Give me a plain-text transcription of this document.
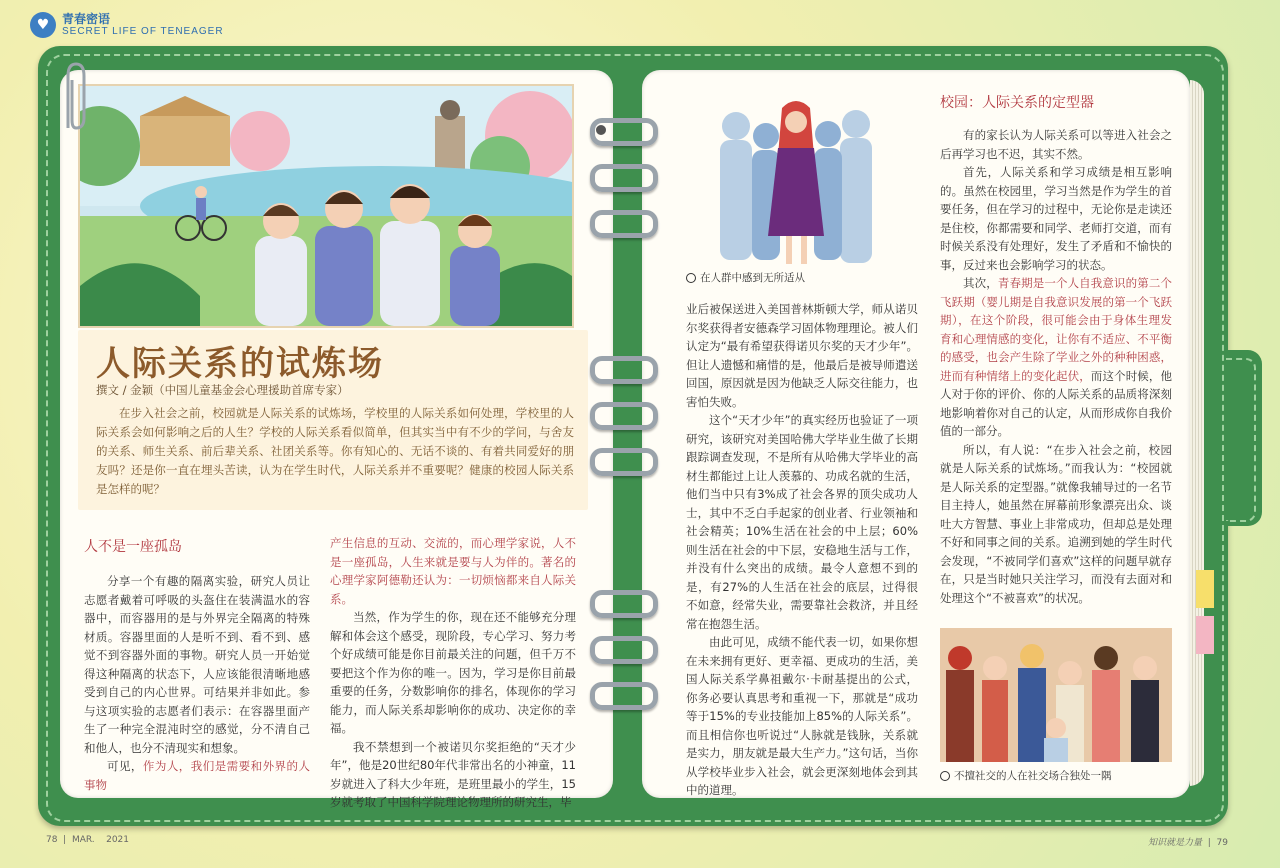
♥	青春密语
SECRET LIFE OF TENEAGER
人际关系的试炼场
撰文 / 金颖（中国儿童基金会心理援助首席专家）
在步入社会之前，校园就是人际关系的试炼场，学校里的人际关系如何处理，学校里的人际关系会如何影响之后的人生？学校的人际关系看似简单，但其实当中有不少的学问，与舍友的关系、师生关系、前后辈关系、社团关系等。你有知心的、无话不谈的、有着共同爱好的朋友吗？还是你一直在埋头苦读，认为在学生时代，人际关系并不重要呢？健康的校园人际关系是怎样的呢？
人不是一座孤岛

分享一个有趣的隔离实验，研究人员让志愿者戴着可呼吸的头盔住在装满温水的容器中，而容器用的是与外界完全隔离的特殊材质。容器里面的人是听不到、看不到、感觉不到容器外面的事物。研究人员一开始觉得这种隔离的状态下，人应该能很清晰地感受到自己的内心世界。可结果并非如此。参与这项实验的志愿者们表示：在容器里面产生了一种完全混沌时空的感觉，分不清自己和他人，也分不清现实和想象。

可见，作为人，我们是需要和外界的人事物

产生信息的互动、交流的，而心理学家说，人不是一座孤岛，人生来就是要与人为伴的。著名的心理学家阿德勒还认为：一切烦恼都来自人际关系。

当然，作为学生的你，现在还不能够充分理解和体会这个感受，现阶段，专心学习、努力考个好成绩可能是你目前最关注的问题，但千万不要把这个作为你的唯一。因为，学习是你目前最重要的任务，分数影响你的排名，体现你的学习能力，而人际关系却影响你的成功、决定你的幸福。

我不禁想到一个被诺贝尔奖拒绝的“天才少年”，他是20世纪80年代非常出名的小神童，11岁就进入了科大少年班，是班里最小的学生，15岁就考取了中国科学院理论物理所的研究生，毕

在人群中感到无所适从

业后被保送进入美国普林斯顿大学，师从诺贝尔奖获得者安德森学习固体物理理论。被人们认定为“最有希望获得诺贝尔奖的天才少年”。但让人遗憾和痛惜的是，他最后是被导师遣送回国，原因就是因为他缺乏人际交往能力，也害怕失败。

这个“天才少年”的真实经历也验证了一项研究，该研究对美国哈佛大学毕业生做了长期跟踪调查发现，不是所有从哈佛大学毕业的高材生都能过上让人羡慕的、功成名就的生活，他们当中只有3%成了社会各界的顶尖成功人士，其中不乏白手起家的创业者、行业领袖和社会精英；10%生活在社会的中上层；60%则生活在社会的中下层，安稳地生活与工作，并没有什么突出的成绩。最令人意想不到的是，有27%的人生活在社会的底层，过得很不如意，经常失业，需要靠社会救济，并且经常在抱怨生活。

由此可见，成绩不能代表一切，如果你想在未来拥有更好、更幸福、更成功的生活，美国人际关系学鼻祖戴尔·卡耐基提出的公式，你务必要认真思考和重视一下，那就是“成功等于15%的专业技能加上85%的人际关系”。而且相信你也听说过“人脉就是钱脉，关系就是实力，朋友就是最大生产力。”这句话，当你从学校毕业步入社会，就会更深刻地体会到其中的道理。

校园：人际关系的定型器

有的家长认为人际关系可以等进入社会之后再学习也不迟，其实不然。

首先，人际关系和学习成绩是相互影响的。虽然在校园里，学习当然是作为学生的首要任务，但在学习的过程中，无论你是走读还是住校，你都需要和同学、老师打交道，而有时候关系没有处理好，发生了矛盾和不愉快的事，反过来也会影响学习的状态。

其次，青春期是一个人自我意识的第二个飞跃期（婴儿期是自我意识发展的第一个飞跃期），在这个阶段，很可能会由于身体生理发育和心理情感的变化，让你有不适应、不平衡的感受，也会产生除了学业之外的种种困惑，进而有种情绪上的变化起伏，而这个时候，他人对于你的评价、你的人际关系的品质将深刻地影响着你对自己的认定，从而形成你自我价值的一部分。

所以，有人说：“在步入社会之前，校园就是人际关系的试炼场。”而我认为：“校园就是人际关系的定型器。”就像我辅导过的一名节目主持人，她虽然在屏幕前形象漂亮出众、谈吐大方智慧、事业上非常成功，但却总是处理不好和同事之间的关系。追溯到她的学生时代会发现，“不被同学们喜欢”这样的问题早就存在，只是当时她只关注学习，而没有去面对和处理这个“不被喜欢”的状况。

不擅社交的人在社交场合独处一隅
78  |  MAR. 2021	知识就是力量  |  79
